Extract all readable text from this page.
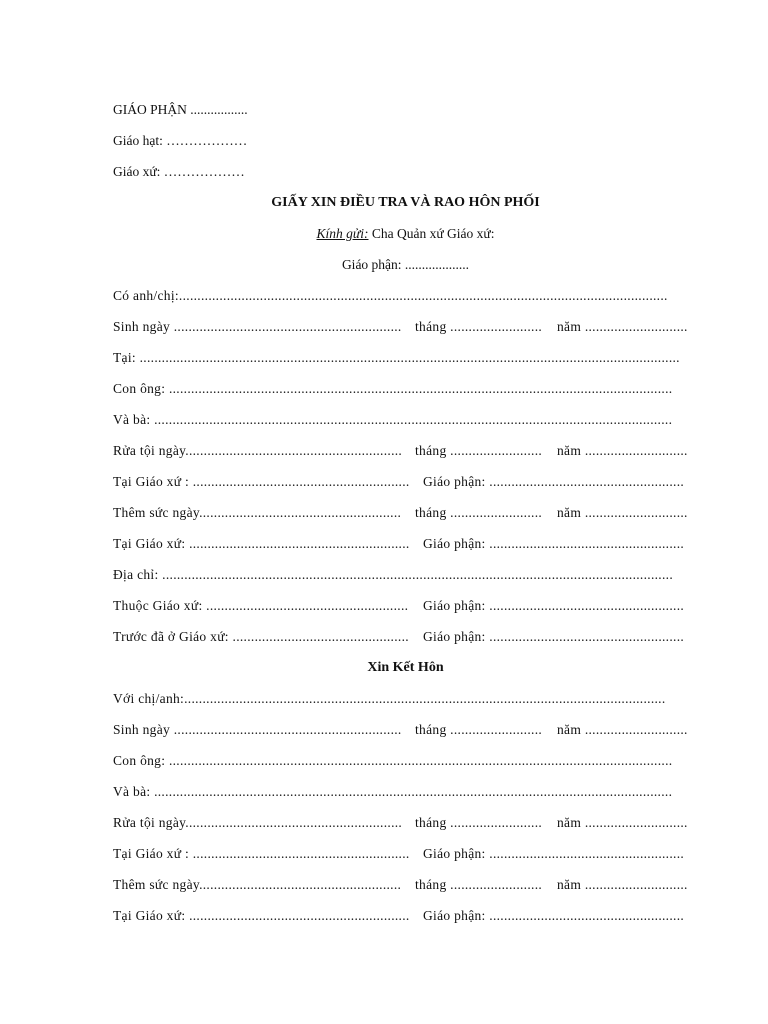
GIÁO PHẬN .................
Giáo hạt: ………………
Giáo xứ: ………………
GIẤY XIN ĐIỀU TRA VÀ RAO HÔN PHỐI
Kính gửi: Cha Quản xứ Giáo xứ:
Giáo phận: ...................
Có anh/chị:.....................................................................................................................................
Sinh ngày .............................................................. tháng .........................	năm ............................
Tại: ...................................................................................................................................................
Con ông: .........................................................................................................................................
Và bà: .............................................................................................................................................
Rửa tội ngày........................................................... tháng .........................	năm ............................
Tại Giáo xứ : ........................................................... Giáo phận: .....................................................
Thêm sức ngày.......................................................	tháng .........................	năm ............................
Tại Giáo xứ: ............................................................ Giáo phận: .....................................................
Địa chỉ: ...........................................................................................................................................
Thuộc Giáo xứ: .......................................................	Giáo phận: .....................................................
Trước đã ở Giáo xứ: ................................................	Giáo phận: .....................................................
Xin Kết Hôn
Với chị/anh:...................................................................................................................................
Sinh ngày .............................................................. tháng .........................	năm ............................
Con ông: .........................................................................................................................................
Và bà: .............................................................................................................................................
Rửa tội ngày........................................................... tháng .........................	năm ............................
Tại Giáo xứ : ........................................................... Giáo phận: .....................................................
Thêm sức ngày.......................................................	tháng .........................	năm ............................
Tại Giáo xứ: ............................................................ Giáo phận: .....................................................
